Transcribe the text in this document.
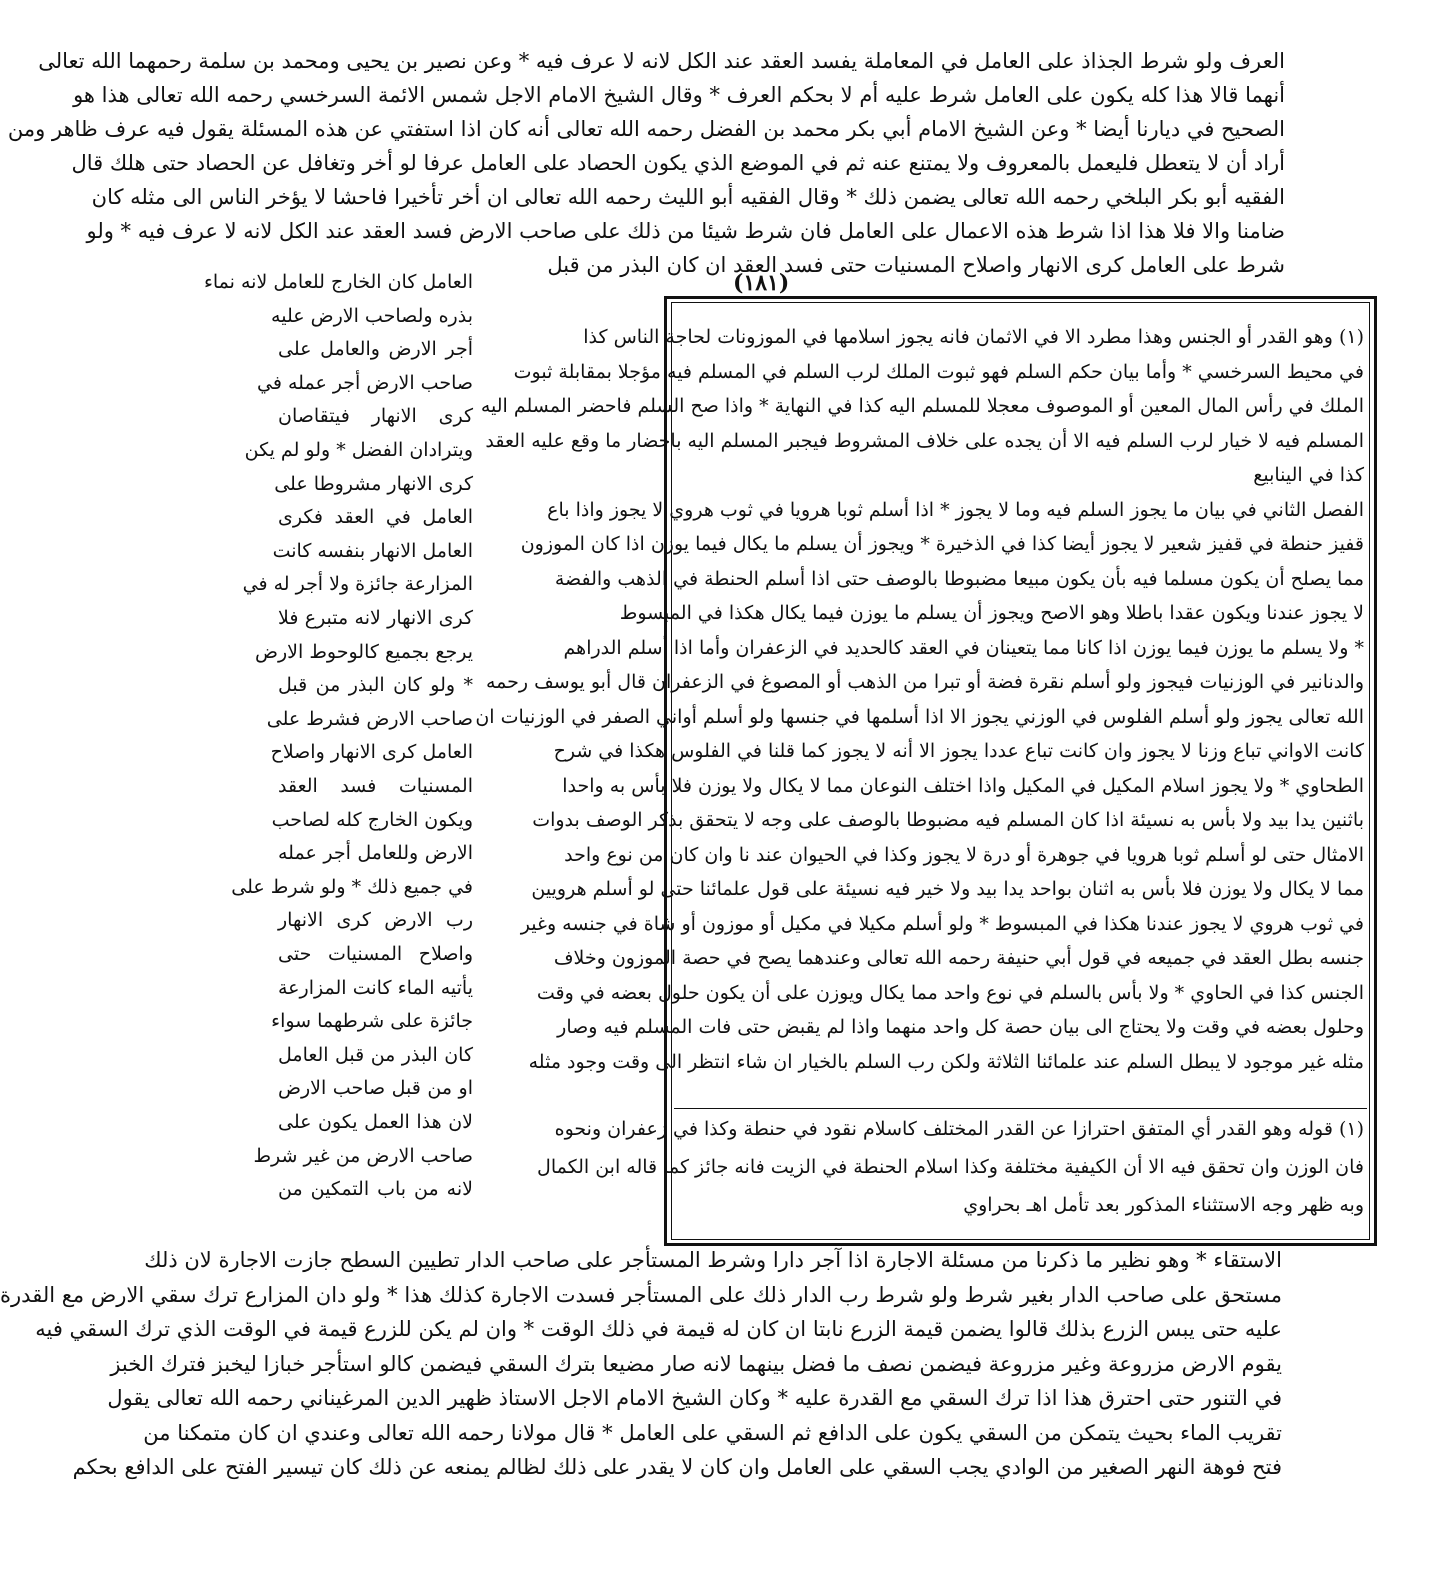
العرف ولو شرط الجذاذ على العامل في المعاملة يفسد العقد عند الكل لانه لا عرف فيه * وعن نصير بن يحيى ومحمد بن سلمة رحمهما الله تعالى
أنهما قالا هذا كله يكون على العامل شرط عليه أم لا بحكم العرف * وقال الشيخ الامام الاجل شمس الائمة السرخسي رحمه الله تعالى هذا هو
الصحيح في ديارنا أيضا * وعن الشيخ الامام أبي بكر محمد بن الفضل رحمه الله تعالى أنه كان اذا استفتي عن هذه المسئلة يقول فيه عرف ظاهر ومن
أراد أن لا يتعطل فليعمل بالمعروف ولا يمتنع عنه ثم في الموضع الذي يكون الحصاد على العامل عرفا لو أخر وتغافل عن الحصاد حتى هلك قال
الفقيه أبو بكر البلخي رحمه الله تعالى يضمن ذلك * وقال الفقيه أبو الليث رحمه الله تعالى ان أخر تأخيرا فاحشا لا يؤخر الناس الى مثله كان
ضامنا والا فلا هذا اذا شرط هذه الاعمال على العامل فان شرط شيئا من ذلك على صاحب الارض فسد العقد عند الكل لانه لا عرف فيه * ولو
شرط على العامل كرى الانهار واصلاح المسنيات حتى فسد العقد ان كان البذر من قبل
(١٨١)
(١) وهو القدر أو الجنس وهذا مطرد الا في الاثمان فانه يجوز اسلامها في الموزونات لحاجة الناس كذا
في محيط السرخسي * وأما بيان حكم السلم فهو ثبوت الملك لرب السلم في المسلم فيه مؤجلا بمقابلة ثبوت
الملك في رأس المال المعين أو الموصوف معجلا للمسلم اليه كذا في النهاية * واذا صح السلم فاحضر المسلم اليه
المسلم فيه لا خيار لرب السلم فيه الا أن يجده على خلاف المشروط فيجبر المسلم اليه باحضار ما وقع عليه العقد
كذا في الينابيع
الفصل الثاني في بيان ما يجوز السلم فيه وما لا يجوز * اذا أسلم ثوبا هرويا في ثوب هروي لا يجوز واذا باع
قفيز حنطة في قفيز شعير لا يجوز أيضا كذا في الذخيرة * ويجوز أن يسلم ما يكال فيما يوزن اذا كان الموزون
مما يصلح أن يكون مسلما فيه بأن يكون مبيعا مضبوطا بالوصف حتى اذا أسلم الحنطة في الذهب والفضة
لا يجوز عندنا ويكون عقدا باطلا وهو الاصح ويجوز أن يسلم ما يوزن فيما يكال هكذا في المبسوط
* ولا يسلم ما يوزن فيما يوزن اذا كانا مما يتعينان في العقد كالحديد في الزعفران وأما اذا أسلم الدراهم
والدنانير في الوزنيات فيجوز ولو أسلم نقرة فضة أو تبرا من الذهب أو المصوغ في الزعفران قال أبو يوسف رحمه
الله تعالى يجوز ولو أسلم الفلوس في الوزني يجوز الا اذا أسلمها في جنسها ولو أسلم أواني الصفر في الوزنيات ان
كانت الاواني تباع وزنا لا يجوز وان كانت تباع عددا يجوز الا أنه لا يجوز كما قلنا في الفلوس هكذا في شرح
الطحاوي * ولا يجوز اسلام المكيل في المكيل واذا اختلف النوعان مما لا يكال ولا يوزن فلا بأس به واحدا
باثنين يدا بيد ولا بأس به نسيئة اذا كان المسلم فيه مضبوطا بالوصف على وجه لا يتحقق بذكر الوصف بدوات
الامثال حتى لو أسلم ثوبا هرويا في جوهرة أو درة لا يجوز وكذا في الحيوان عند نا وان كان من نوع واحد
مما لا يكال ولا يوزن فلا بأس به اثنان بواحد يدا بيد ولا خير فيه نسيئة على قول علمائنا حتى لو أسلم هرويين
في ثوب هروي لا يجوز عندنا هكذا في المبسوط * ولو أسلم مكيلا في مكيل أو موزون أو شاة في جنسه وغير
جنسه بطل العقد في جميعه في قول أبي حنيفة رحمه الله تعالى وعندهما يصح في حصة الموزون وخلاف
الجنس كذا في الحاوي * ولا بأس بالسلم في نوع واحد مما يكال ويوزن على أن يكون حلول بعضه في وقت
وحلول بعضه في وقت ولا يحتاج الى بيان حصة كل واحد منهما واذا لم يقبض حتى فات المسلم فيه وصار
مثله غير موجود لا يبطل السلم عند علمائنا الثلاثة ولكن رب السلم بالخيار ان شاء انتظر الى وقت وجود مثله
(١) قوله وهو القدر أي المتفق احترازا عن القدر المختلف كاسلام نقود في حنطة وكذا في زعفران ونحوه
فان الوزن وان تحقق فيه الا أن الكيفية مختلفة وكذا اسلام الحنطة في الزيت فانه جائز كما قاله ابن الكمال
وبه ظهر وجه الاستثناء المذكور بعد تأمل اهـ بحراوي
العامل كان الخارج للعامل لانه نماء
بذره ولصاحب الارض عليه
أجر الارض والعامل على
صاحب الارض أجر عمله في
كرى الانهار فيتقاصان
ويترادان الفضل * ولو لم يكن
كرى الانهار مشروطا على
العامل في العقد فكرى
العامل الانهار بنفسه كانت
المزارعة جائزة ولا أجر له في
كرى الانهار لانه متبرع فلا
يرجع بجميع كالوحوط الارض
* ولو كان البذر من قبل
صاحب الارض فشرط على
العامل كرى الانهار واصلاح
المسنيات فسد العقد
ويكون الخارج كله لصاحب
الارض وللعامل أجر عمله
في جميع ذلك * ولو شرط على
رب الارض كرى الانهار
واصلاح المسنيات حتى
يأتيه الماء كانت المزارعة
جائزة على شرطهما سواء
كان البذر من قبل العامل
او من قبل صاحب الارض
لان هذا العمل يكون على
صاحب الارض من غير شرط
لانه من باب التمكين من
الاستقاء * وهو نظير ما ذكرنا من مسئلة الاجارة اذا آجر دارا وشرط المستأجر على صاحب الدار تطيين السطح جازت الاجارة لان ذلك
مستحق على صاحب الدار بغير شرط ولو شرط رب الدار ذلك على المستأجر فسدت الاجارة كذلك هذا * ولو دان المزارع ترك سقي الارض مع القدرة
عليه حتى يبس الزرع بذلك قالوا يضمن قيمة الزرع نابتا ان كان له قيمة في ذلك الوقت * وان لم يكن للزرع قيمة في الوقت الذي ترك السقي فيه
يقوم الارض مزروعة وغير مزروعة فيضمن نصف ما فضل بينهما لانه صار مضيعا بترك السقي فيضمن كالو استأجر خبازا ليخبز فترك الخبز
في التنور حتى احترق هذا اذا ترك السقي مع القدرة عليه * وكان الشيخ الامام الاجل الاستاذ ظهير الدين المرغيناني رحمه الله تعالى يقول
تقريب الماء بحيث يتمكن من السقي يكون على الدافع ثم السقي على العامل * قال مولانا رحمه الله تعالى وعندي ان كان متمكنا من
فتح فوهة النهر الصغير من الوادي يجب السقي على العامل وان كان لا يقدر على ذلك لظالم يمنعه عن ذلك كان تيسير الفتح على الدافع بحكم
